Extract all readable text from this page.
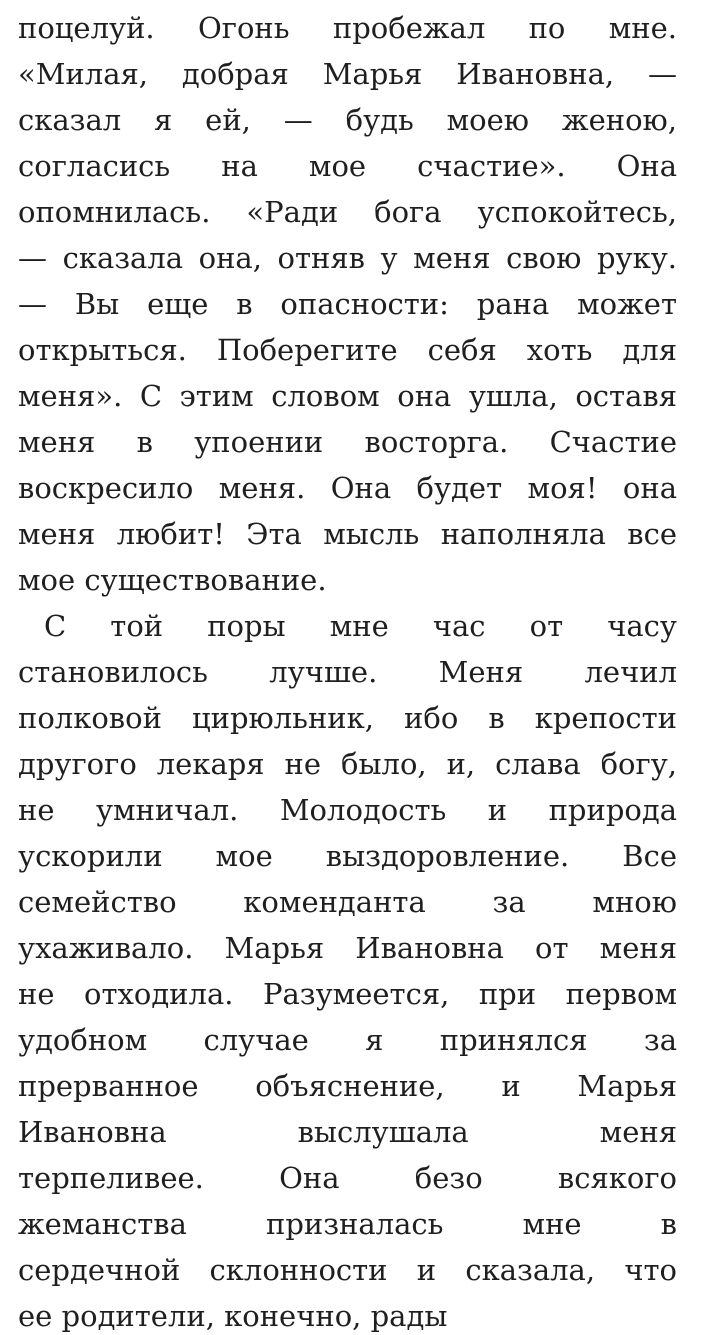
поцелуй. Огонь пробежал по мне.
«Милая, добрая Марья Ивановна, —
сказал я ей, — будь моею женою,
согласись на мое счастие». Она
опомнилась. «Ради бога успокойтесь,
— сказала она, отняв у меня свою руку.
— Вы еще в опасности: рана может
открыться. Поберегите себя хоть для
меня». С этим словом она ушла, оставя
меня в упоении восторга. Счастие
воскресило меня. Она будет моя! она
меня любит! Эта мысль наполняла все
мое существование.
С той поры мне час от часу
становилось лучше. Меня лечил
полковой цирюльник, ибо в крепости
другого лекаря не было, и, слава богу,
не умничал. Молодость и природа
ускорили мое выздоровление. Все
семейство коменданта за мною
ухаживало. Марья Ивановна от меня
не отходила. Разумеется, при первом
удобном случае я принялся за
прерванное объяснение, и Марья
Ивановна выслушала меня
терпеливее. Она безо всякого
жеманства призналась мне в
сердечной склонности и сказала, что
ее родители, конечно, рады
